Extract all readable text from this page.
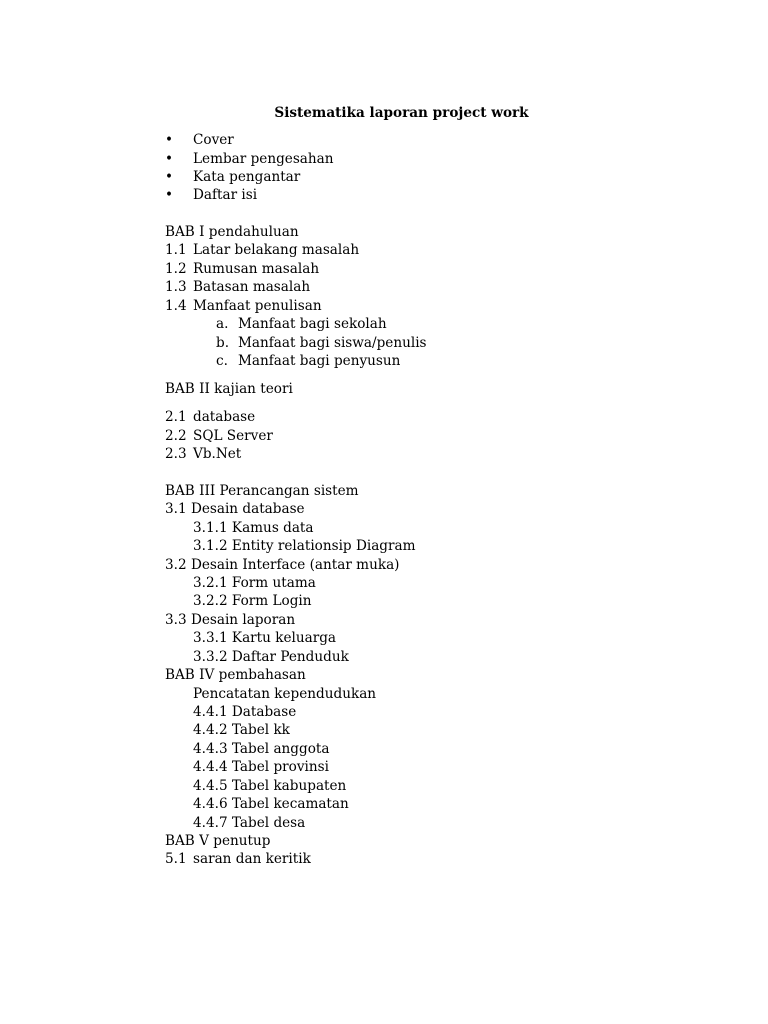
Sistematika laporan project work
•	Cover
• Lembar pengesahan
• Kata pengantar
• Daftar isi
BAB I pendahuluan
1.1 Latar belakang masalah
1.2 Rumusan masalah
1.3 Batasan masalah
1.4 Manfaat penulisan
a. Manfaat bagi sekolah
b. Manfaat bagi siswa/penulis
c. Manfaat bagi penyusun
BAB II kajian teori
2.1 database
2.2 SQL Server
2.3 Vb.Net
BAB III Perancangan sistem
3.1 Desain database
3.1.1 Kamus data
3.1.2 Entity relationsip Diagram
3.2 Desain Interface (antar muka)
3.2.1 Form utama
3.2.2 Form Login
3.3 Desain laporan
3.3.1 Kartu keluarga
3.3.2 Daftar Penduduk
BAB IV pembahasan
Pencatatan kependudukan
4.4.1 Database
4.4.2 Tabel kk
4.4.3 Tabel anggota
4.4.4 Tabel provinsi
4.4.5 Tabel kabupaten
4.4.6 Tabel kecamatan
4.4.7 Tabel desa
BAB V penutup
5.1 saran dan keritik
